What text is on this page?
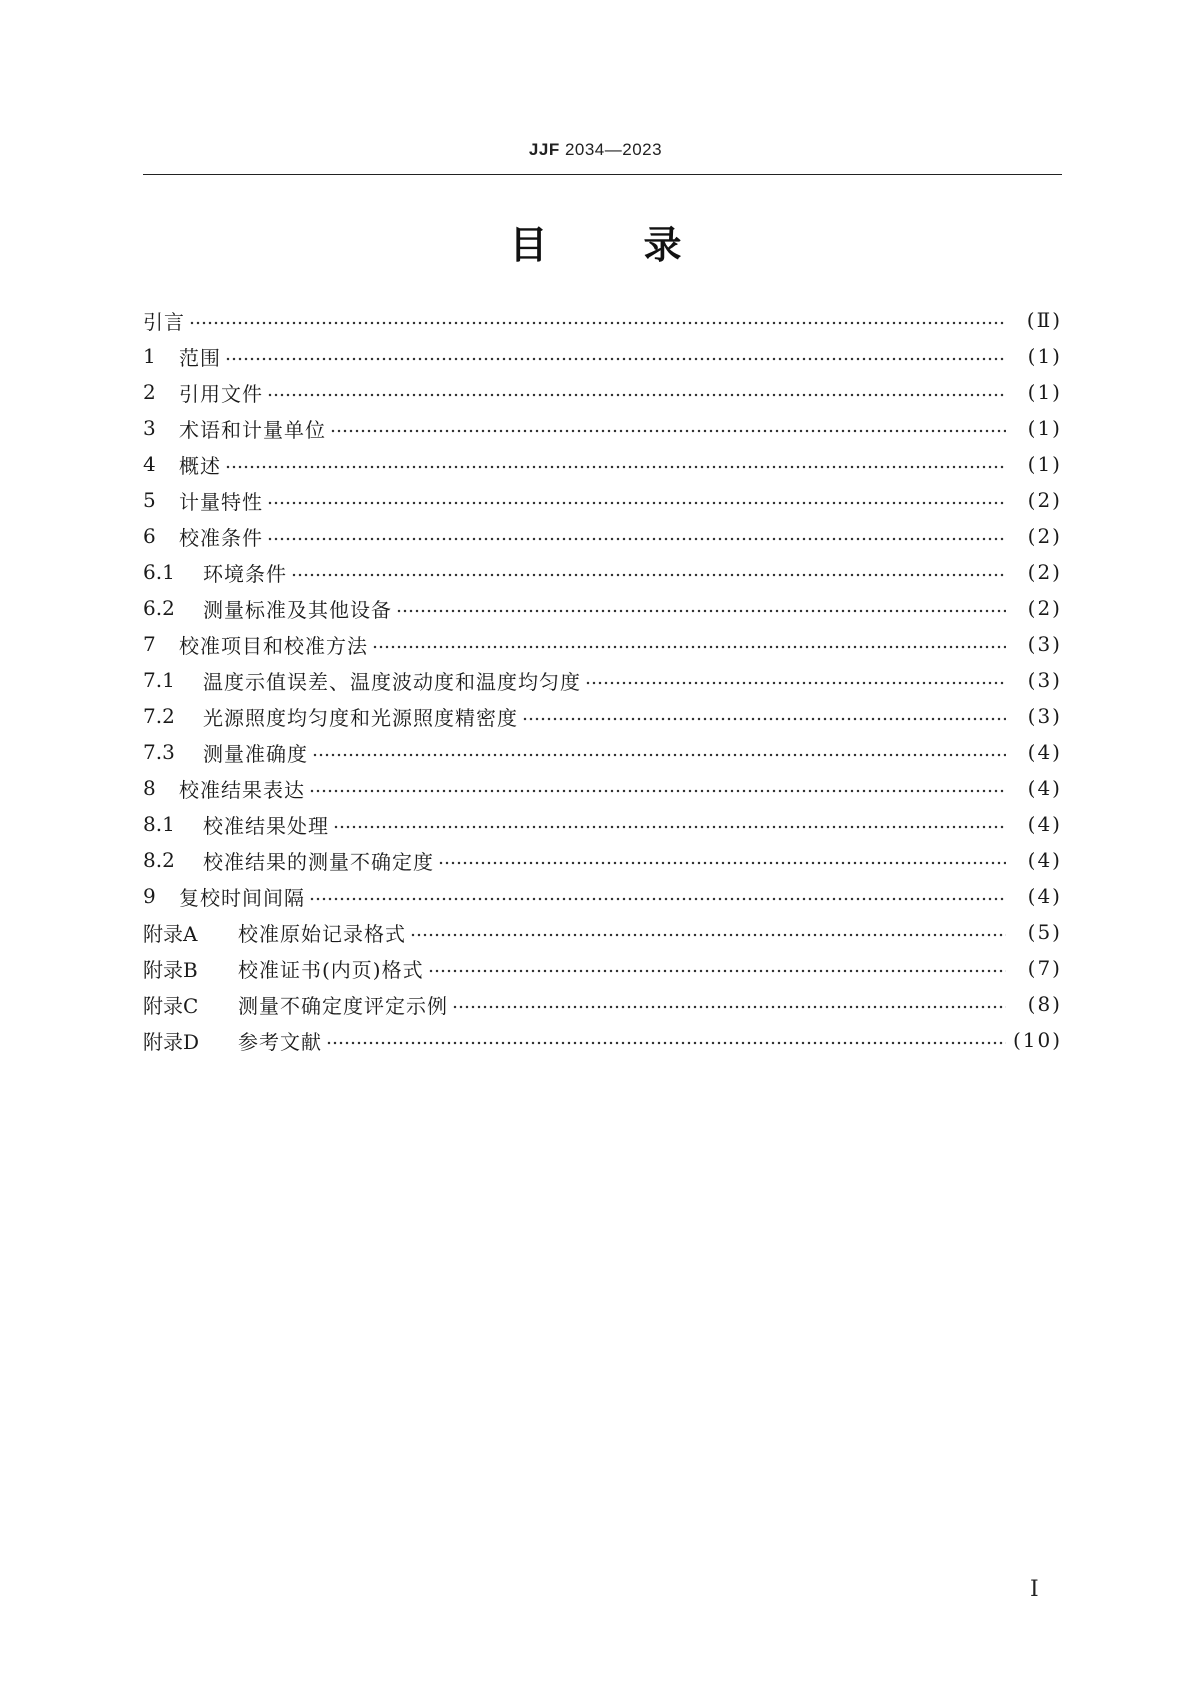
JJF 2034—2023
目	录
引言	(Ⅱ)
1	范围	(1)
2	引用文件	(1)
3	术语和计量单位	(1)
4	概述	(1)
5	计量特性	(2)
6	校准条件	(2)
6.1	环境条件	(2)
6.2	测量标准及其他设备	(2)
7	校准项目和校准方法	(3)
7.1	温度示值误差、温度波动度和温度均匀度	(3)
7.2	光源照度均匀度和光源照度精密度	(3)
7.3	测量准确度	(4)
8	校准结果表达	(4)
8.1	校准结果处理	(4)
8.2	校准结果的测量不确定度	(4)
9	复校时间间隔	(4)
附录A	校准原始记录格式	(5)
附录B	校准证书(内页)格式	(7)
附录C	测量不确定度评定示例	(8)
附录D	参考文献	(10)
I
